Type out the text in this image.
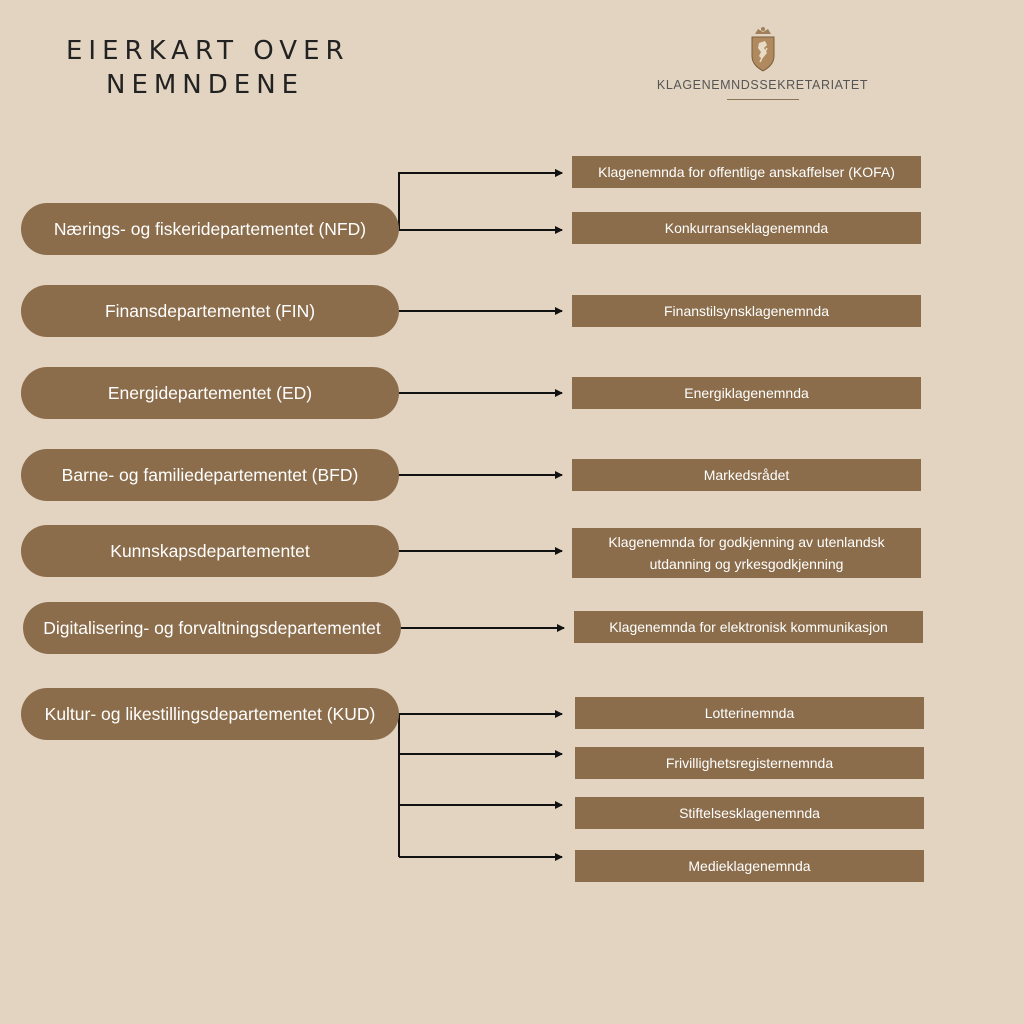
EIERKART OVER
NEMNDENE	KLAGENEMNDSSEKRETARIATET
Nærings- og fiskeridepartementet (NFD)
Finansdepartementet (FIN)
Energidepartementet (ED)
Barne- og familiedepartementet (BFD)
Kunnskapsdepartementet
Digitalisering- og forvaltningsdepartementet
Kultur- og likestillingsdepartementet (KUD)
Klagenemnda for offentlige anskaffelser (KOFA)
Konkurranseklagenemnda
Finanstilsynsklagenemnda
Energiklagenemnda
Markedsrådet
Klagenemnda for godkjenning av utenlandsk utdanning og yrkesgodkjenning
Klagenemnda for elektronisk kommunikasjon
Lotterinemnda
Frivillighetsregisternemnda
Stiftelsesklagenemnda
Medieklagenemnda
